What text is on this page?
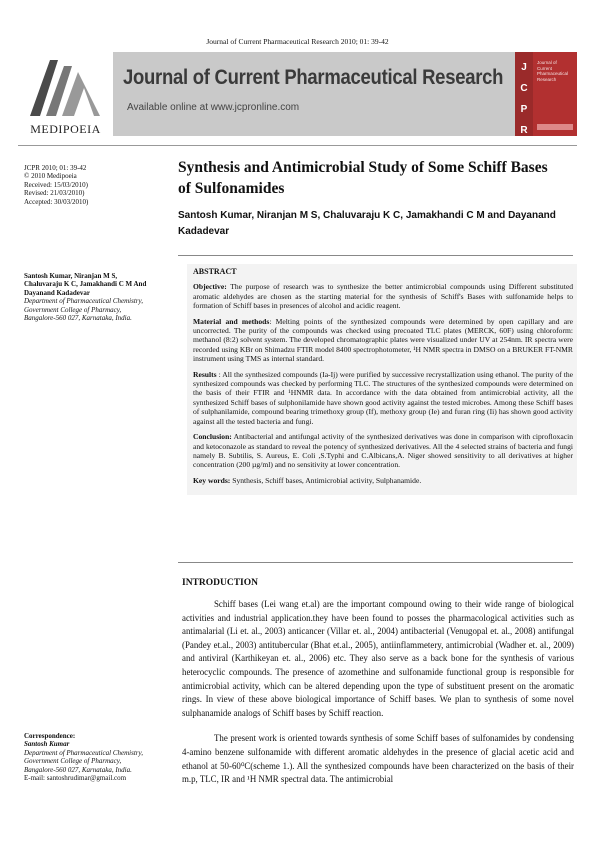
Journal of Current Pharmaceutical Research 2010; 01: 39-42
MEDIPOEIA
Journal of Current Pharmaceutical Research
Available online at www.jcpronline.com
J
C
P
R
Journal of Current Pharmaceutical Research
JCPR 2010; 01: 39-42
© 2010 Medipoeia
Received: 15/03/2010)
Revised: 21/03/2010)
Accepted: 30/03/2010)
Santosh Kumar, Niranjan M S, Chaluvaraju K C, Jamakhandi C M And Dayanand Kadadevar
Department of Pharmaceutical Chemistry, Government College of Pharmacy, Bangalore-560 027, Karnataka, India.
Correspondence:
Santosh Kumar
Department of Pharmaceutical Chemistry, Government College of Pharmacy, Bangalore-560 027, Karnataka, India.
E-mail: santoshrudimar@gmail.com
Synthesis and Antimicrobial Study of Some Schiff Bases of Sulfonamides
Santosh Kumar, Niranjan M S, Chaluvaraju K C, Jamakhandi C M and Dayanand Kadadevar

ABSTRACT

Objective: The purpose of research was to synthesize the better antimicrobial compounds using Different substituted aromatic aldehydes are chosen as the starting material for the synthesis of Schiff's Bases with sulfonamide helps to formation of Schiff bases in presences of alcohol and acidic reagent.

Material and methods: Melting points of the synthesized compounds were determined by open capillary and are uncorrected. The purity of the compounds was checked using precoated TLC plates (MERCK, 60F) using chloroform: methanol (8:2) solvent system. The developed chromatographic plates were visualized under UV at 254nm. IR spectra were recorded using KBr on Shimadzu FTIR model 8400 spectrophotometer, ¹H NMR spectra in DMSO on a BRUKER FT-NMR instrument using TMS as internal standard.

Results : All the synthesized compounds (Ia-Ij) were purified by successive recrystallization using ethanol. The purity of the synthesized compounds was checked by performing TLC. The structures of the synthesized compounds were determined on the basis of their FTIR and ¹HNMR data. In accordance with the data obtained from antimicrobial activity, all the synthesized Schiff bases of sulphonilamide have shown good activity against the tested microbes. Among these Schiff bases of sulphanilamide, compound bearing trimethoxy group (If), methoxy group (Ie) and furan ring (Ii) has shown good activity against all the tested bacteria and fungi.

Conclusion: Antibacterial and antifungal activity of the synthesized derivatives was done in comparison with ciprofloxacin and ketoconazole as standard to reveal the potency of synthesized derivatives. All the 4 selected strains of bacteria and fungi namely B. Subtilis, S. Aureus, E. Coli ,S.Typhi and C.Albicans,A. Niger showed sensitivity to all derivatives at higher concentration (200 µg/ml) and no sensitivity at lower concentration.

Key words: Synthesis, Schiff bases, Antimicrobial activity, Sulphanamide.

INTRODUCTION

Schiff bases (Lei wang et.al) are the important compound owing to their wide range of biological activities and industrial application.they have been found to posses the pharmacological activities such as antimalarial (Li et. al., 2003) anticancer (Villar et. al., 2004) antibacterial (Venugopal et. al., 2008) antifungal (Pandey et.al., 2003) antitubercular (Bhat et.al., 2005), antiinflammetery, antimicrobial (Wadher et. al., 2009) and antiviral (Karthikeyan et. al., 2006) etc. They also serve as a back bone for the synthesis of various heterocyclic compounds. The presence of azomethine and sulfonamide functional group is responsible for antimicrobial activity, which can be altered depending upon the type of substituent present on the aromatic rings. In view of these above biological importance of Schiff bases. We plan to synthesis of some novel sulphanamide analogs of Schiff bases by Schiff reaction.

The present work is oriented towards synthesis of some Schiff bases of sulfonamides by condensing 4-amino benzene sulfonamide with different aromatic aldehydes in the presence of glacial acetic acid and ethanol at 50-60⁰C(scheme 1.). All the synthesized compounds have been characterized on the basis of their m.p, TLC, IR and ¹H NMR spectral data. The antimicrobial
